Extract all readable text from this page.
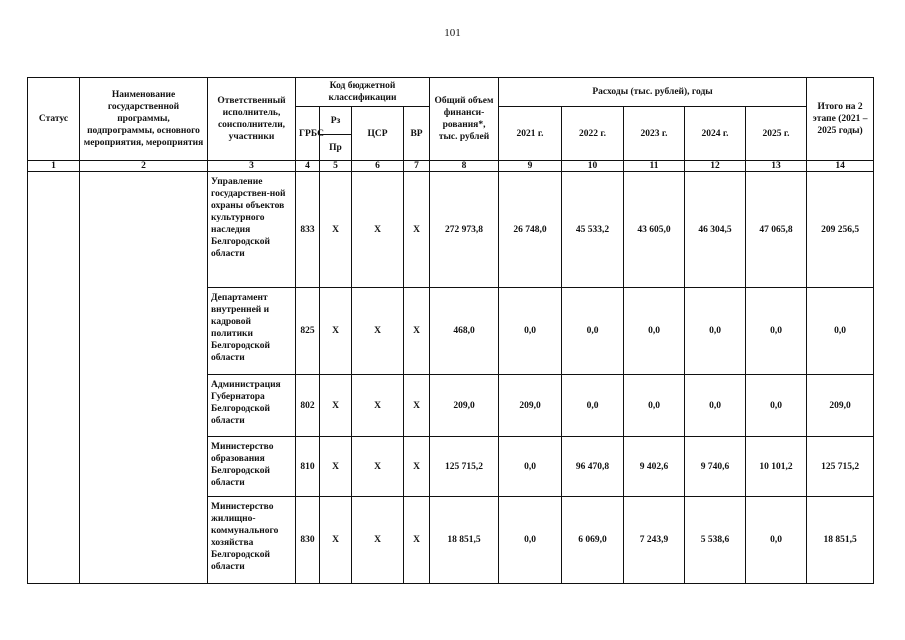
101
Статус	Наименование государственной программы, подпрограммы, основного мероприятия, мероприятия	Ответственный исполнитель, соисполнители, участники	Код бюджетной классификации				Общий объем финанси-рования*, тыс. рублей	Расходы (тыс. рублей), годы					Итого на 2 этапе (2021 – 2025 годы)
			ГРБС	Рз	ЦСР	ВР		2021 г.	2022 г.	2023 г.	2024 г.	2025 г.	
				Пр									
1	2	3	4	5	6	7	8	9	10	11	12	13	14
		Управление государствен-ной охраны объектов культурного наследия Белгородской области	833	Х	Х	Х	272 973,8	26 748,0	45 533,2	43 605,0	46 304,5	47 065,8	209 256,5
		Департамент внутренней и кадровой политики Белгородской области	825	Х	Х	Х	468,0	0,0	0,0	0,0	0,0	0,0	0,0
		Администрация Губернатора Белгородской области	802	Х	Х	Х	209,0	209,0	0,0	0,0	0,0	0,0	209,0
		Министерство образования Белгородской области	810	Х	Х	Х	125 715,2	0,0	96 470,8	9 402,6	9 740,6	10 101,2	125 715,2
		Министерство жилищно-коммунального хозяйства Белгородской области	830	Х	Х	Х	18 851,5	0,0	6 069,0	7 243,9	5 538,6	0,0	18 851,5
